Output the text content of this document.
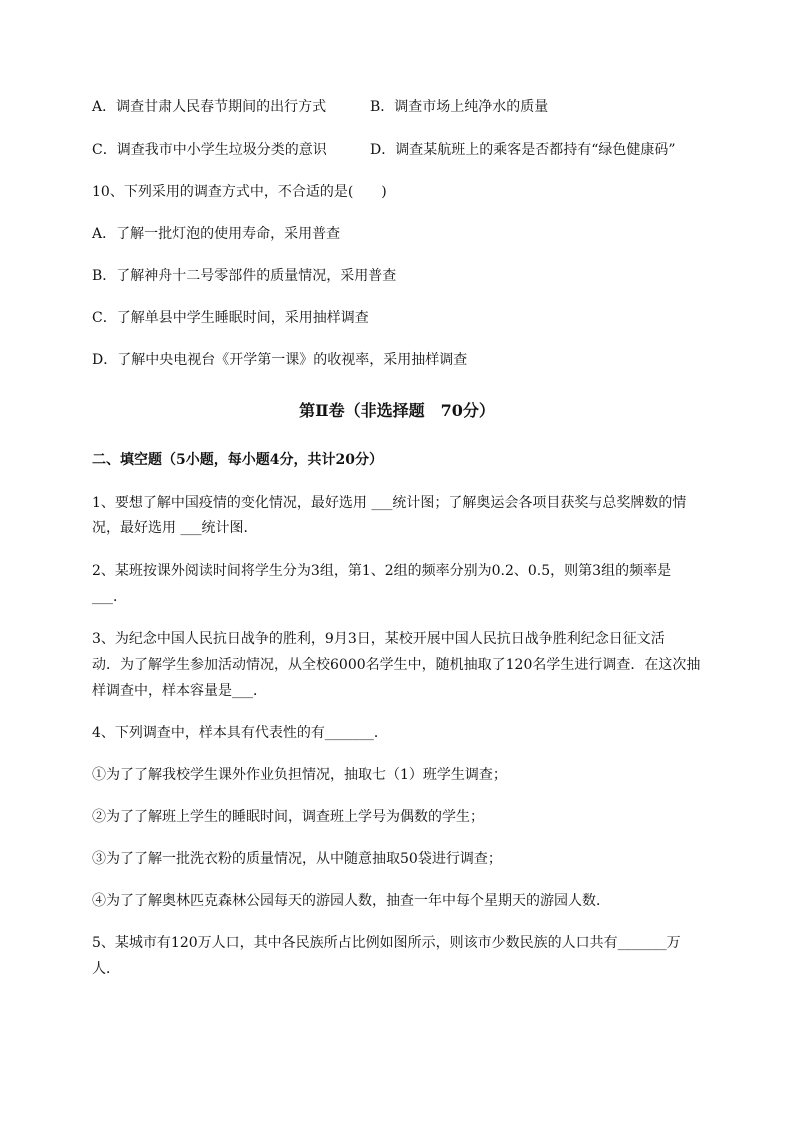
A．调查甘肃人民春节期间的出行方式	B．调查市场上纯净水的质量
C．调查我市中小学生垃圾分类的意识	D．调查某航班上的乘客是否都持有“绿色健康码”
10、下列采用的调查方式中，不合适的是(　　)
A．了解一批灯泡的使用寿命，采用普查
B．了解神舟十二号零部件的质量情况，采用普查
C．了解单县中学生睡眠时间，采用抽样调查
D．了解中央电视台《开学第一课》的收视率，采用抽样调查
第Ⅱ卷（非选择题　70分）
二、填空题（5小题，每小题4分，共计20分）
1、要想了解中国疫情的变化情况，最好选用 ___统计图；了解奥运会各项目获奖与总奖牌数的情
况，最好选用 ___统计图．
2、某班按课外阅读时间将学生分为3组，第1、2组的频率分别为0.2、0.5，则第3组的频率是
___．
3、为纪念中国人民抗日战争的胜利，9月3日，某校开展中国人民抗日战争胜利纪念日征文活
动．为了解学生参加活动情况，从全校6000名学生中，随机抽取了120名学生进行调查．在这次抽
样调查中，样本容量是___．
4、下列调查中，样本具有代表性的有_______．
①为了了解我校学生课外作业负担情况，抽取七（1）班学生调查；
②为了了解班上学生的睡眠时间，调查班上学号为偶数的学生；
③为了了解一批洗衣粉的质量情况，从中随意抽取50袋进行调查；
④为了了解奥林匹克森林公园每天的游园人数，抽查一年中每个星期天的游园人数．
5、某城市有120万人口，其中各民族所占比例如图所示，则该市少数民族的人口共有_______万
人．
